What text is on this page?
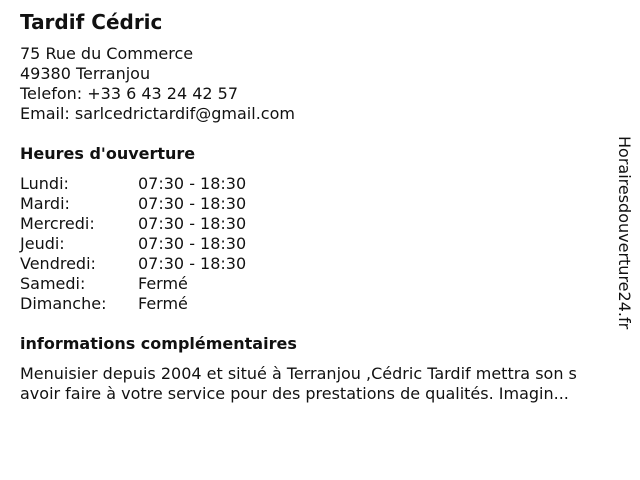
Tardif Cédric
75 Rue du Commerce
49380 Terranjou
Telefon: +33 6 43 24 42 57
Email: sarlcedrictardif@gmail.com
Heures d'ouverture
Lundi:	07:30 - 18:30
Mardi:	07:30 - 18:30
Mercredi:	07:30 - 18:30
Jeudi:	07:30 - 18:30
Vendredi:	07:30 - 18:30
Samedi:	Fermé
Dimanche: Fermé
informations complémentaires
Menuisier depuis 2004 et situé à Terranjou ,Cédric Tardif mettra son s
avoir faire à votre service pour des prestations de qualités. Imagin...
Horairesdouverture24.fr
